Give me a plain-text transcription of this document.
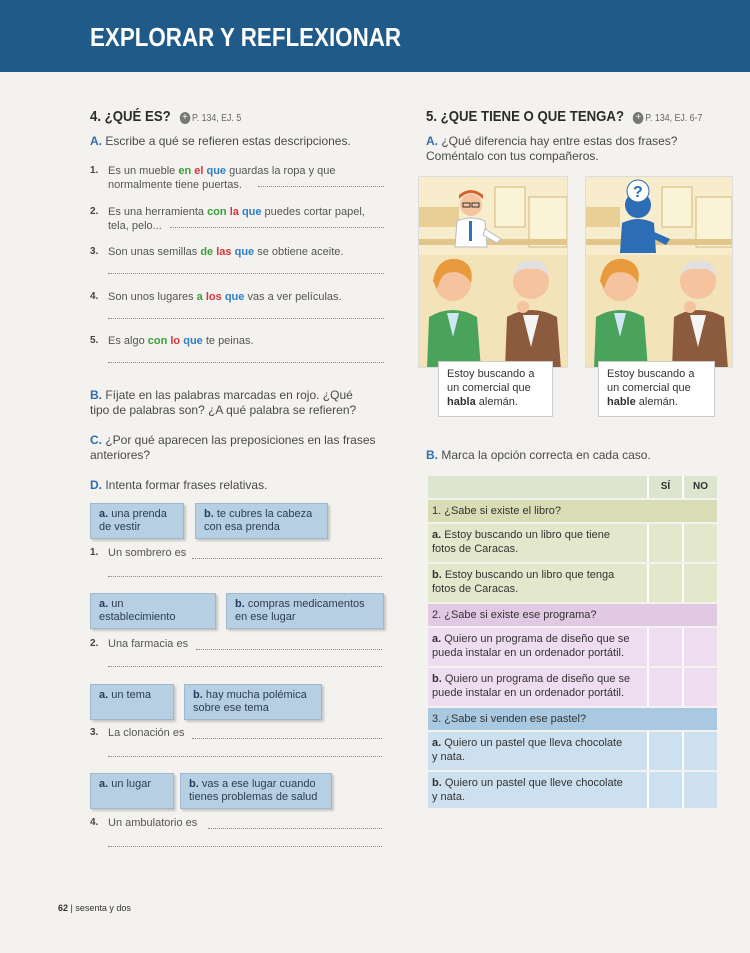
EXPLORAR Y REFLEXIONAR
4. ¿QUÉ ES? + P. 134, EJ. 5
A. Escribe a qué se refieren estas descripciones.
1. Es un mueble en el que guardas la ropa y que
normalmente tiene puertas.
2. Es una herramienta con la que puedes cortar papel,
tela, pelo...
3. Son unas semillas de las que se obtiene aceite.
4. Son unos lugares a los que vas a ver películas.
5. Es algo con lo que te peinas.
B. Fíjate en las palabras marcadas en rojo. ¿Qué
tipo de palabras son? ¿A qué palabra se refieren?
C. ¿Por qué aparecen las preposiciones en las frases
anteriores?
D. Intenta formar frases relativas.
a. una prenda
de vestir
b. te cubres la cabeza
con esa prenda
1. Un sombrero es
a. un
establecimiento
b. compras medicamentos
en ese lugar
2. Una farmacia es
a. un tema	b. hay mucha polémica
sobre ese tema
3. La clonación es
a. un lugar	b. vas a ese lugar cuando
tienes problemas de salud
4. Un ambulatorio es
5. ¿QUE TIENE O QUE TENGA? + P. 134, EJ. 6-7
A. ¿Qué diferencia hay entre estas dos frases?
Coméntalo con tus compañeros.
Estoy buscando a
un comercial que
habla alemán.
?
Estoy buscando a
un comercial que
hable alemán.
B. Marca la opción correcta en cada caso.
SÍ	NO
1. ¿Sabe si existe el libro?
a. Estoy buscando un libro que tiene
fotos de Caracas.
b. Estoy buscando un libro que tenga
fotos de Caracas.
2. ¿Sabe si existe ese programa?
a. Quiero un programa de diseño que se
pueda instalar en un ordenador portátil.
b. Quiero un programa de diseño que se
puede instalar en un ordenador portátil.
3. ¿Sabe si venden ese pastel?
a. Quiero un pastel que lleva chocolate
y nata.
b. Quiero un pastel que lleve chocolate
y nata.
62 | sesenta y dos
